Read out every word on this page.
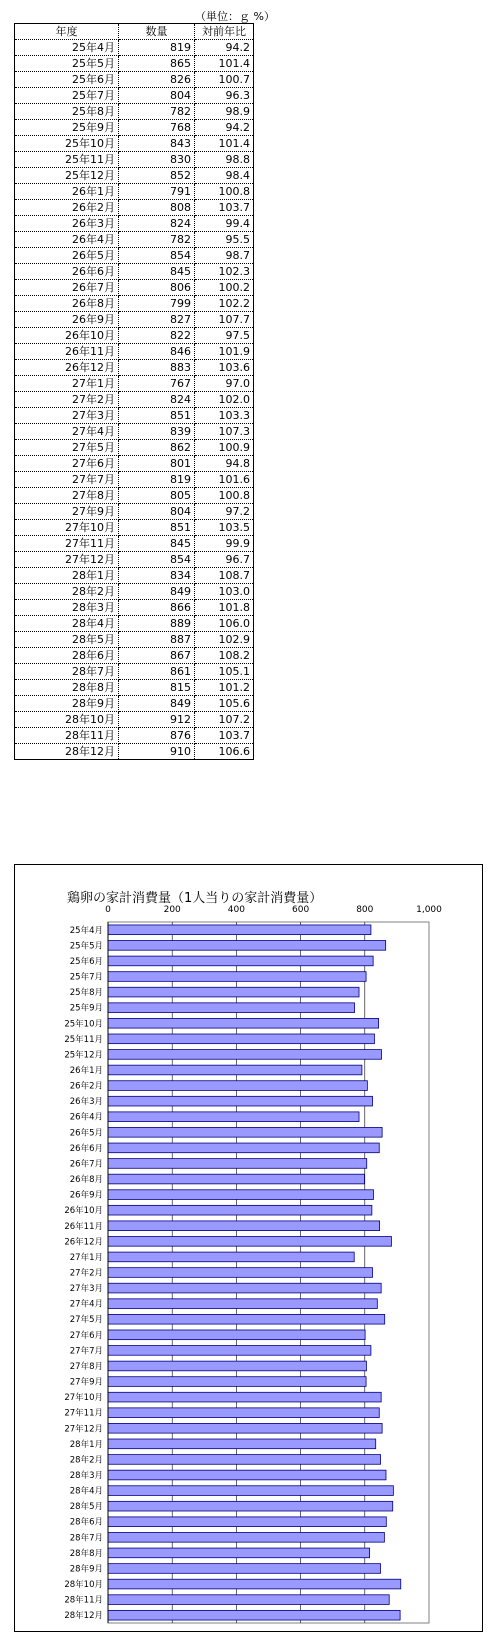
（単位：ｇ %）
年度	数量	対前年比
25年4月	819	94.2
25年5月	865	101.4
25年6月	826	100.7
25年7月	804	96.3
25年8月	782	98.9
25年9月	768	94.2
25年10月	843	101.4
25年11月	830	98.8
25年12月	852	98.4
26年1月	791	100.8
26年2月	808	103.7
26年3月	824	99.4
26年4月	782	95.5
26年5月	854	98.7
26年6月	845	102.3
26年7月	806	100.2
26年8月	799	102.2
26年9月	827	107.7
26年10月	822	97.5
26年11月	846	101.9
26年12月	883	103.6
27年1月	767	97.0
27年2月	824	102.0
27年3月	851	103.3
27年4月	839	107.3
27年5月	862	100.9
27年6月	801	94.8
27年7月	819	101.6
27年8月	805	100.8
27年9月	804	97.2
27年10月	851	103.5
27年11月	845	99.9
27年12月	854	96.7
28年1月	834	108.7
28年2月	849	103.0
28年3月	866	101.8
28年4月	889	106.0
28年5月	887	102.9
28年6月	867	108.2
28年7月	861	105.1
28年8月	815	101.2
28年9月	849	105.6
28年10月	912	107.2
28年11月	876	103.7
28年12月	910	106.6
鶏卵の家計消費量（1人当りの家計消費量）
0	200	400	600	800	1,000
25年4月
25年5月
25年6月
25年7月
25年8月
25年9月
25年10月
25年11月
25年12月
26年1月
26年2月
26年3月
26年4月
26年5月
26年6月
26年7月
26年8月
26年9月
26年10月
26年11月
26年12月
27年1月
27年2月
27年3月
27年4月
27年5月
27年6月
27年7月
27年8月
27年9月
27年10月
27年11月
27年12月
28年1月
28年2月
28年3月
28年4月
28年5月
28年6月
28年7月
28年8月
28年9月
28年10月
28年11月
28年12月
